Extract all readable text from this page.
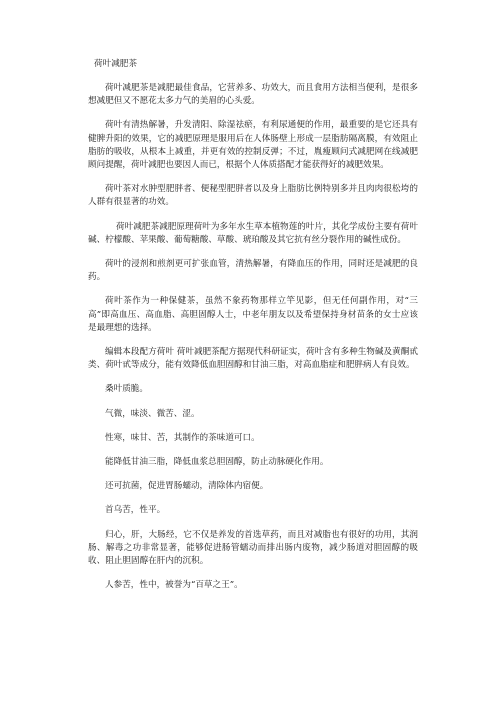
荷叶减肥茶

荷叶减肥茶是减肥最佳食品，它营养多、功效大，而且食用方法相当便利，是很多想减肥但又不愿花太多力气的美眉的心头爱。

荷叶有清热解暑，升发清阳、除湿祛瘀，有利尿通便的作用，最重要的是它还具有健脾升阳的效果，它的减肥原理是服用后在人体肠壁上形成一层脂肪隔离膜，有效阻止脂肪的吸收，从根本上减重，并更有效的控制反弹；不过，胤瘦顾问式减肥网在线减肥顾问提醒，荷叶减肥也要因人而已，根据个人体质搭配才能获得好的减肥效果。

荷叶茶对水肿型肥胖者、便秘型肥胖者以及身上脂肪比例特别多并且肉肉很松垮的人群有很显著的功效。

荷叶减肥茶减肥原理荷叶为多年水生草本植物莲的叶片，其化学成份主要有荷叶碱、柠檬酸、苹果酸、葡萄糖酸、草酸、琥珀酸及其它抗有丝分裂作用的碱性成份。

荷叶的浸剂和煎剂更可扩张血管，清热解暑，有降血压的作用，同时还是减肥的良药。

荷叶茶作为一种保健茶，虽然不象药物那样立竿见影，但无任何副作用，对“三高”即高血压、高血脂、高胆固醇人士，中老年朋友以及希望保持身材苗条的女士应该是最理想的选择。

编辑本段配方荷叶 荷叶减肥茶配方据现代科研证实，荷叶含有多种生物碱及黄酮甙类、荷叶甙等成分，能有效降低血胆固醇和甘油三脂，对高血脂症和肥胖病人有良效。

桑叶质脆。

气微，味淡、微苦、涩。

性寒，味甘、苦，其制作的茶味道可口。

能降低甘油三脂，降低血浆总胆固醇，防止动脉硬化作用。

还可抗菌，促进胃肠蠕动，清除体内宿便。

首乌苦，性平。

归心，肝，大肠经，它不仅是养发的首选草药，而且对减脂也有很好的功用，其润肠、解毒之功非常显著，能够促进肠管蠕动而排出肠内废物，减少肠道对胆固醇的吸收、阻止胆固醇在肝内的沉积。

人参苦，性中，被誉为“百草之王”。
